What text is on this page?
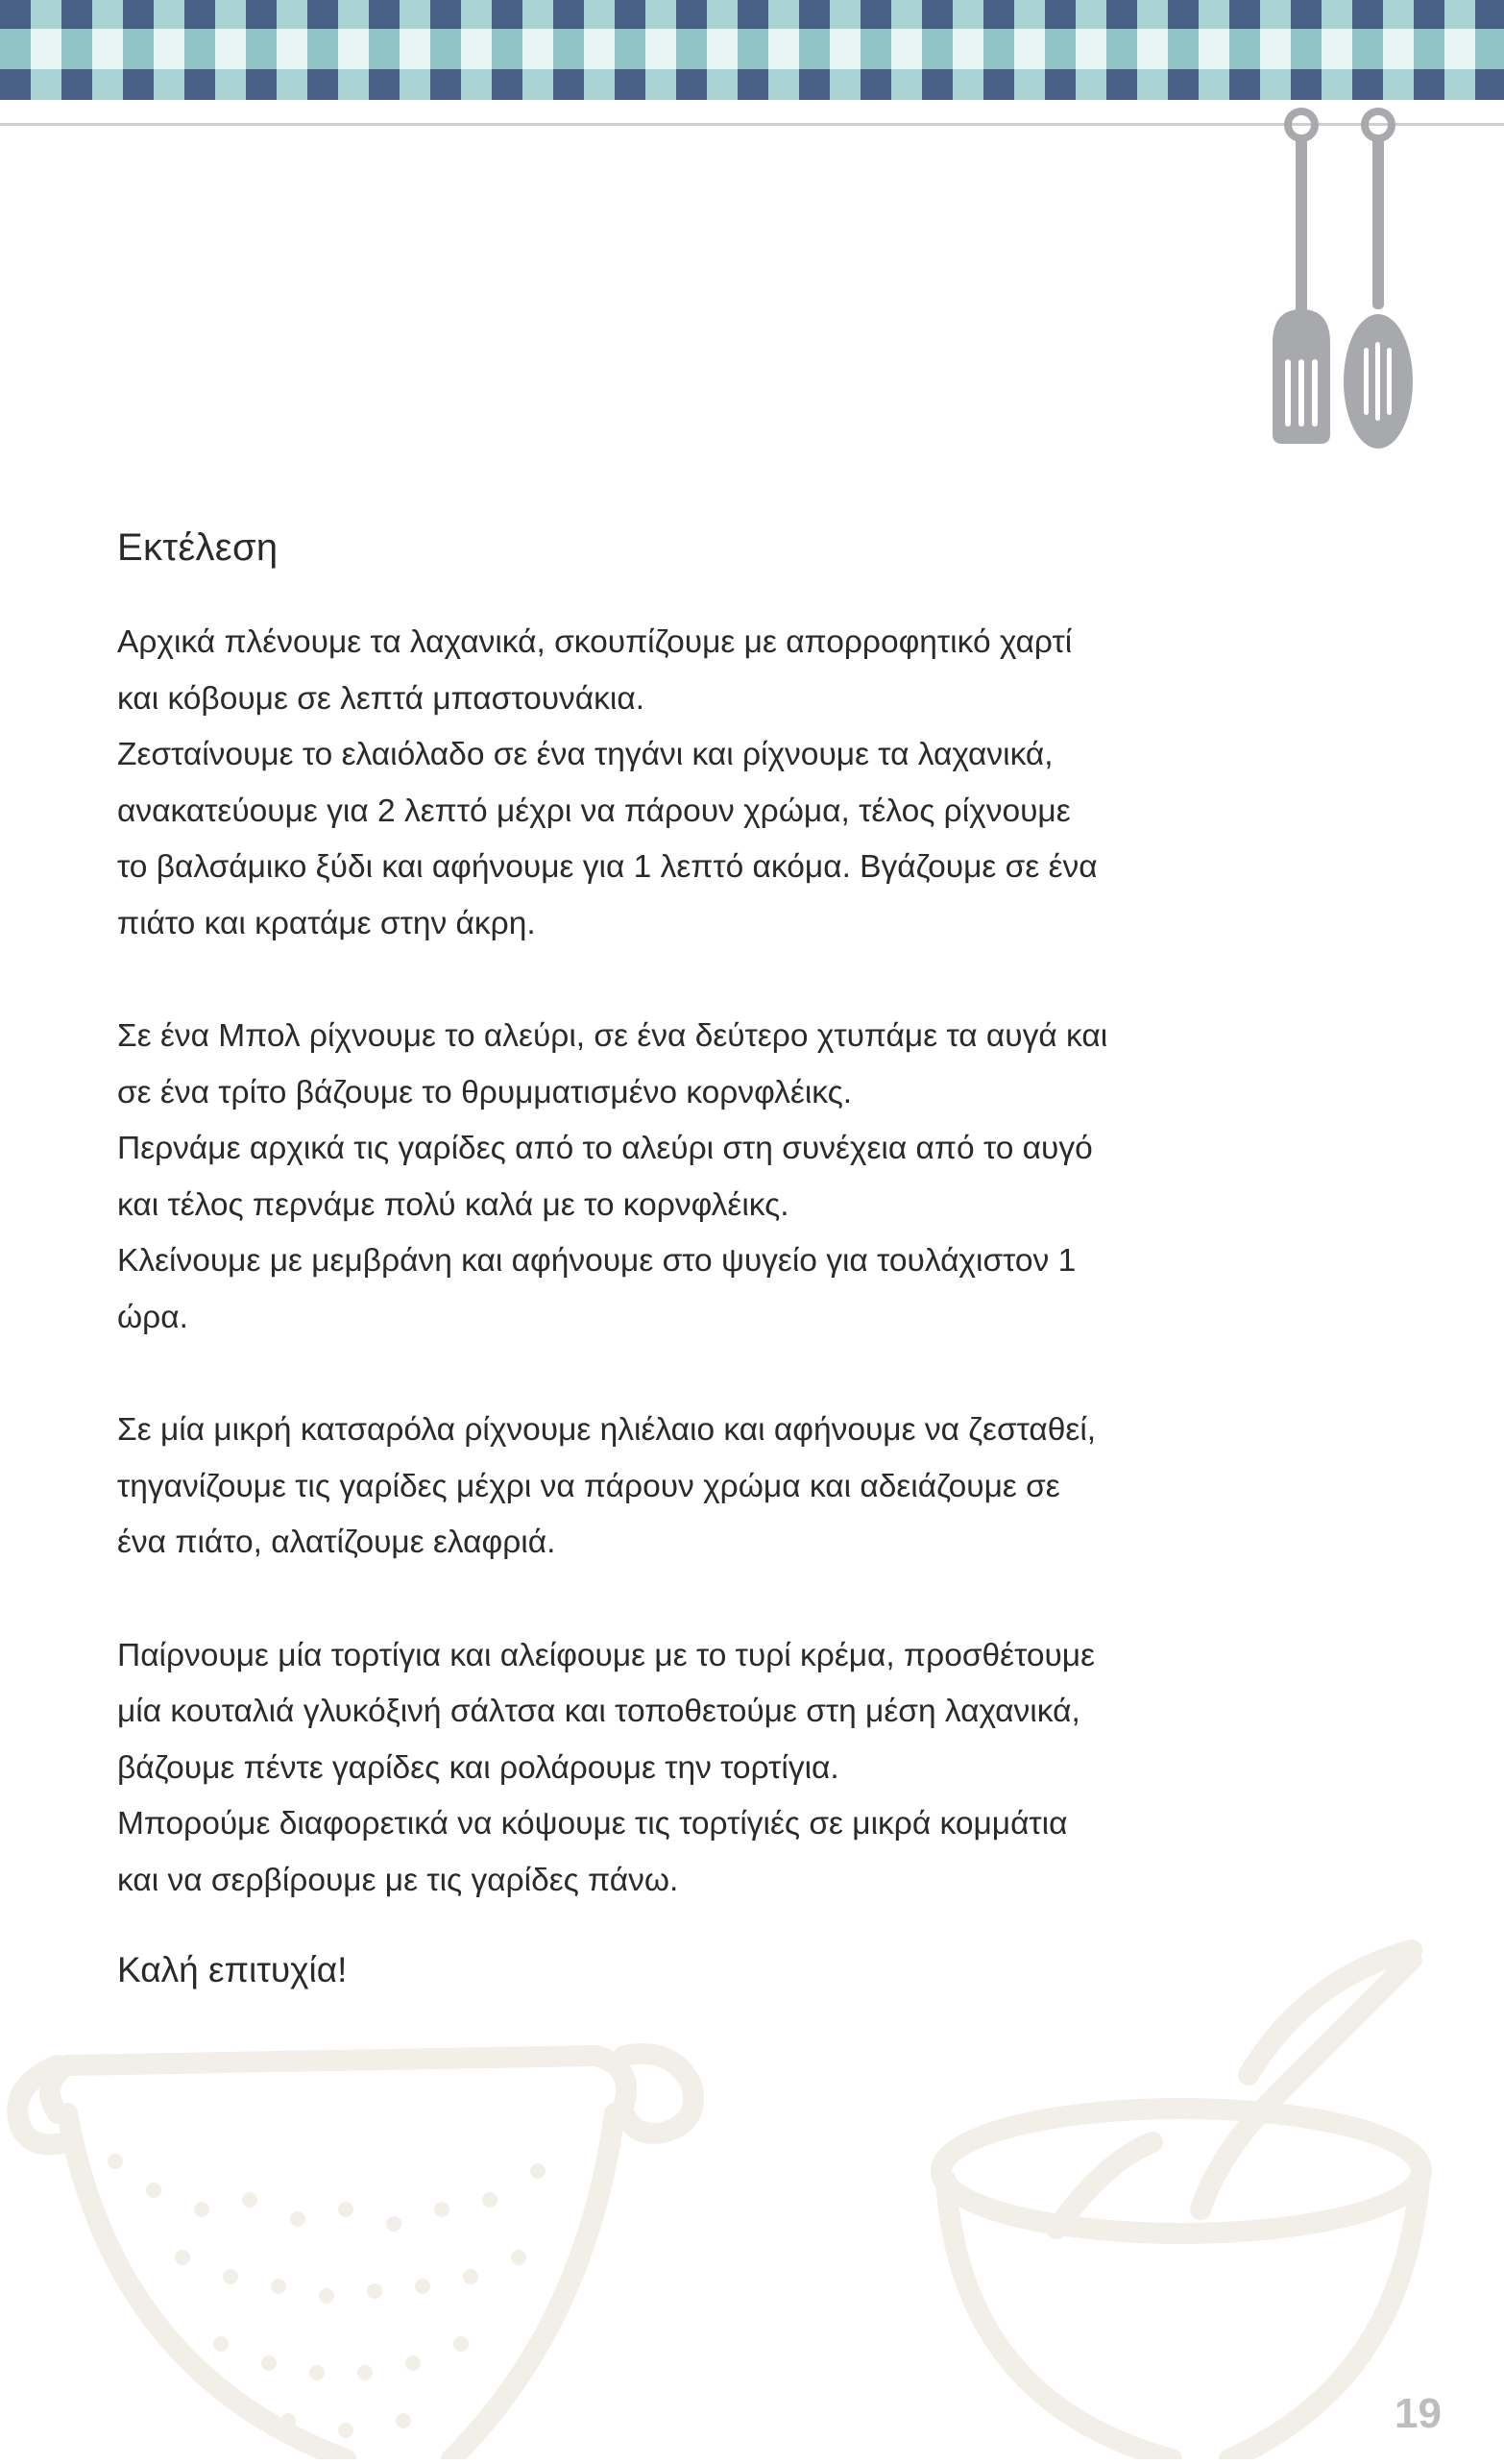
Εκτέλεση
Αρχικά πλένουμε τα λαχανικά, σκουπίζουμε με απορροφητικό χαρτί
και κόβουμε σε λεπτά μπαστουνάκια.
Ζεσταίνουμε το ελαιόλαδο σε ένα τηγάνι και ρίχνουμε τα λαχανικά,
ανακατεύουμε για 2 λεπτό μέχρι να πάρουν χρώμα, τέλος ρίχνουμε
το βαλσάμικο ξύδι και αφήνουμε για 1 λεπτό ακόμα. Βγάζουμε σε ένα
πιάτο και κρατάμε στην άκρη.
Σε ένα Μπολ ρίχνουμε το αλεύρι, σε ένα δεύτερο χτυπάμε τα αυγά και
σε ένα τρίτο βάζουμε το θρυμματισμένο κορνφλέικς.
Περνάμε αρχικά τις γαρίδες από το αλεύρι στη συνέχεια από το αυγό
και τέλος περνάμε πολύ καλά με το κορνφλέικς.
Κλείνουμε με μεμβράνη και αφήνουμε στο ψυγείο για τουλάχιστον 1
ώρα.
Σε μία μικρή κατσαρόλα ρίχνουμε ηλιέλαιο και αφήνουμε να ζεσταθεί,
τηγανίζουμε τις γαρίδες μέχρι να πάρουν χρώμα και αδειάζουμε σε
ένα πιάτο, αλατίζουμε ελαφριά.
Παίρνουμε μία τορτίγια και αλείφουμε με το τυρί κρέμα, προσθέτουμε
μία κουταλιά γλυκόξινή σάλτσα και τοποθετούμε στη μέση λαχανικά,
βάζουμε πέντε γαρίδες και ρολάρουμε την τορτίγια.
Μπορούμε διαφορετικά να κόψουμε τις τορτίγιές σε μικρά κομμάτια
και να σερβίρουμε με τις γαρίδες πάνω.

Καλή επιτυχία!

19
